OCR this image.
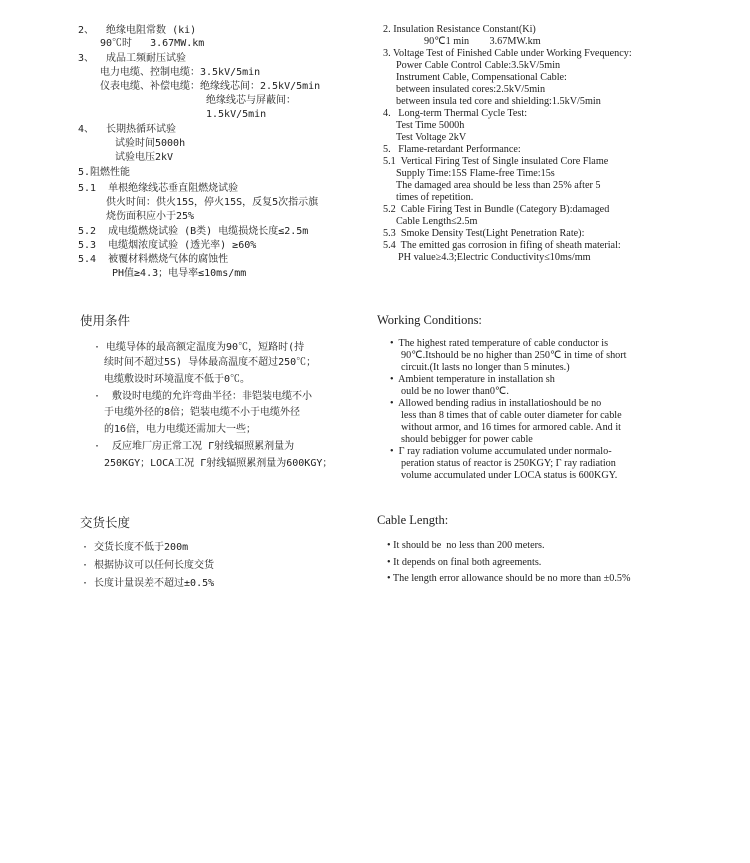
2、  绝缘电阻常数 (ki)
90℃时   3.67MW.km
3、  成品工频耐压试验
电力电缆、控制电缆：3.5kV/5min
仪表电缆、补偿电缆：绝缘线芯间：2.5kV/5min
绝缘线芯与屏蔽间：
1.5kV/5min
4、  长期热循环试验
试验时间5000h
试验电压2kV
5.阻燃性能
5.1  单根绝缘线芯垂直阻燃烧试验
供火时间：供火15S，停火15S，反复5次指示旗
烧伤面积应小于25%
5.2  成电缆燃烧试验 (B类) 电缆损烧长度≤2.5m
5.3  电缆烟浓度试验 (透光率) ≥60%
5.4  被覆材料燃烧气体的腐蚀性
PH值≥4.3；电导率≤10ms/mm
使用条件
· 电缆导体的最高额定温度为90℃，短路时(持
续时间不超过5S) 导体最高温度不超过250℃；
电缆敷设时环境温度不低于0℃。
·  敷设时电缆的允许弯曲半径：非铠装电缆不小
于电缆外径的8倍；铠装电缆不小于电缆外径
的16倍，电力电缆还需加大一些；
·  反应堆厂房正常工况 Γ射线辐照累剂量为
250KGY；LOCA工况 Γ射线辐照累剂量为600KGY；
交货长度
· 交货长度不低于200m
· 根据协议可以任何长度交货
· 长度计量误差不超过±0.5%
2. Insulation Resistance Constant(Ki)
90℃1 min        3.67MW.km
3. Voltage Test of Finished Cable under Working Fvequency:
Power Cable Control Cable:3.5kV/5min
Instrument Cable, Compensational Cable:
between insulated cores:2.5kV/5min
between insula ted core and shielding:1.5kV/5min
4.   Long-term Thermal Cycle Test:
Test Time 5000h
Test Voltage 2kV
5.   Flame-retardant Performance:
5.1  Vertical Firing Test of Single insulated Core Flame
Supply Time:15S Flame-free Time:15s
The damaged area should be less than 25% after 5
times of repetition.
5.2  Cable Firing Test in Bundle (Category B):damaged
Cable Length≤2.5m
5.3  Smoke Density Test(Light Penetration Rate):
5.4  The emitted gas corrosion in fifing of sheath material:
PH value≥4.3;Electric Conductivity≤10ms/mm
Working Conditions:
•  The highest rated temperature of cable conductor is
90℃.Itshould be no higher than 250℃ in time of short
circuit.(It lasts no longer than 5 minutes.)
•  Ambient temperature in installation sh
ould be no lower than0℃.
•  Allowed bending radius in installatioshould be no
less than 8 times that of cable outer diameter for cable
without armor, and 16 times for armored cable. And it
should bebigger for power cable
•  Γ ray radiation volume accumulated under normalo-
peration status of reactor is 250KGY; Γ ray radiation
volume accumulated under LOCA status is 600KGY.
Cable Length:
• It should be  no less than 200 meters.
• It depends on final both agreements.
• The length error allowance should be no more than ±0.5%
